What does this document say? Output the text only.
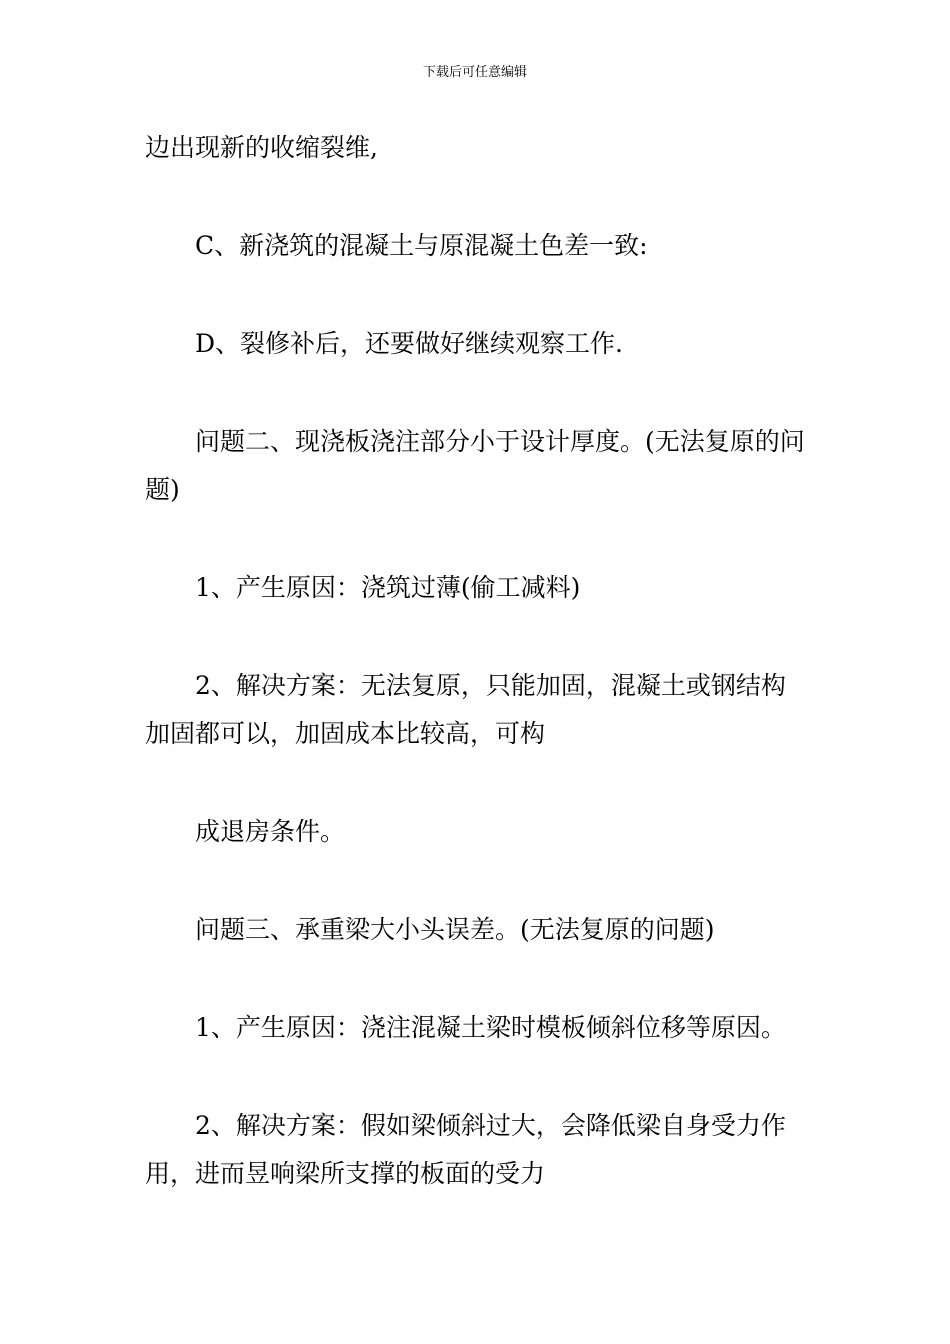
下载后可任意编辑

边出现新的收缩裂维,

C、新浇筑的混凝土与原混凝土色差一致:

D、裂修补后，还要做好继续观察工作.

问题二、现浇板浇注部分小于设计厚度。(无法复原的问题)

1、产生原因：浇筑过薄(偷工减料)

2、解决方案：无法复原，只能加固，混凝土或钢结构加固都可以，加固成本比较高，可构

成退房条件。

问题三、承重梁大小头误差。(无法复原的问题)

1、产生原因：浇注混凝土梁时模板倾斜位移等原因。

2、解决方案：假如梁倾斜过大，会降低梁自身受力作用，进而昱响梁所支撑的板面的受力
